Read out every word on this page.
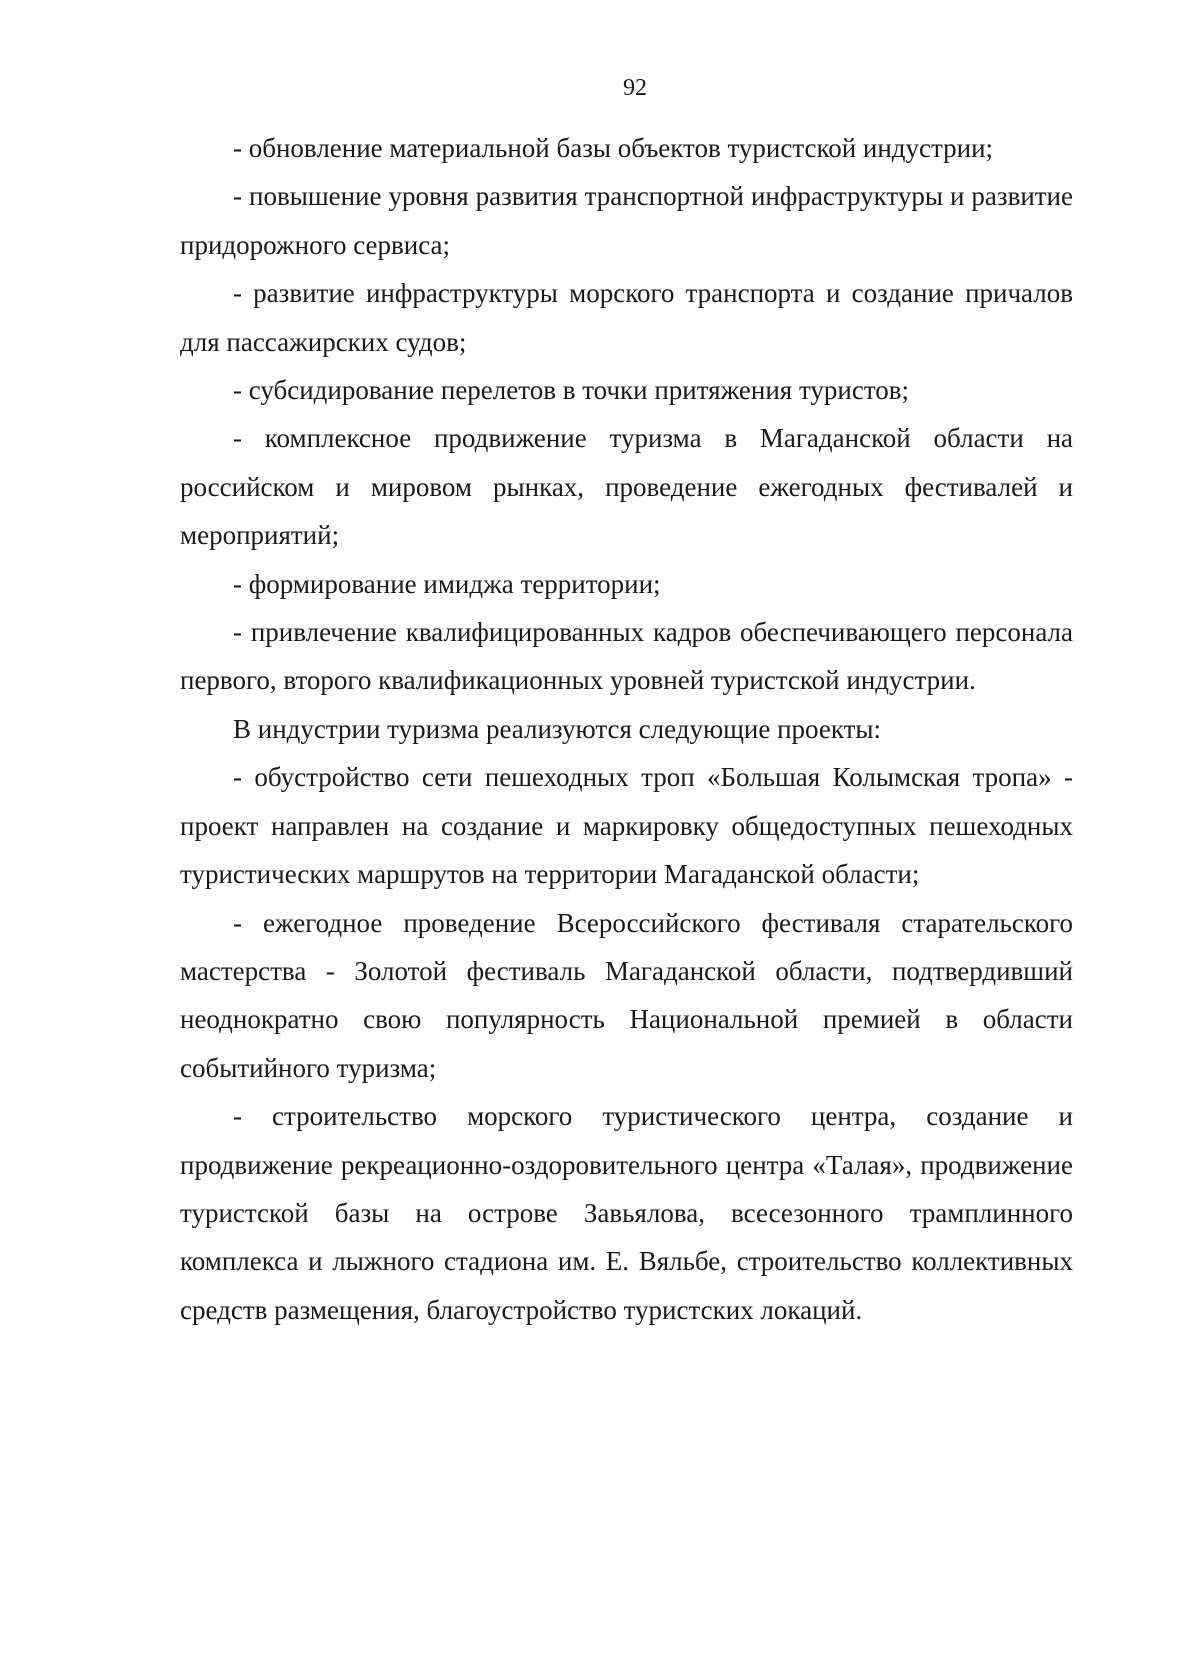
92

- обновление материальной базы объектов туристской индустрии;

- повышение уровня развития транспортной инфраструктуры и развитие придорожного сервиса;

- развитие инфраструктуры морского транспорта и создание причалов для пассажирских судов;

- субсидирование перелетов в точки притяжения туристов;

- комплексное продвижение туризма в Магаданской области на российском и мировом рынках, проведение ежегодных фестивалей и мероприятий;

- формирование имиджа территории;

- привлечение квалифицированных кадров обеспечивающего персонала первого, второго квалификационных уровней туристской индустрии.

В индустрии туризма реализуются следующие проекты:

- обустройство сети пешеходных троп «Большая Колымская тропа» - проект направлен на создание и маркировку общедоступных пешеходных туристических маршрутов на территории Магаданской области;

- ежегодное проведение Всероссийского фестиваля старательского мастерства - Золотой фестиваль Магаданской области, подтвердивший неоднократно свою популярность Национальной премией в области событийного туризма;

- строительство морского туристического центра, создание и продвижение рекреационно-оздоровительного центра «Талая», продвижение туристской базы на острове Завьялова, всесезонного трамплинного комплекса и лыжного стадиона им. Е. Вяльбе, строительство коллективных средств размещения, благоустройство туристских локаций.
